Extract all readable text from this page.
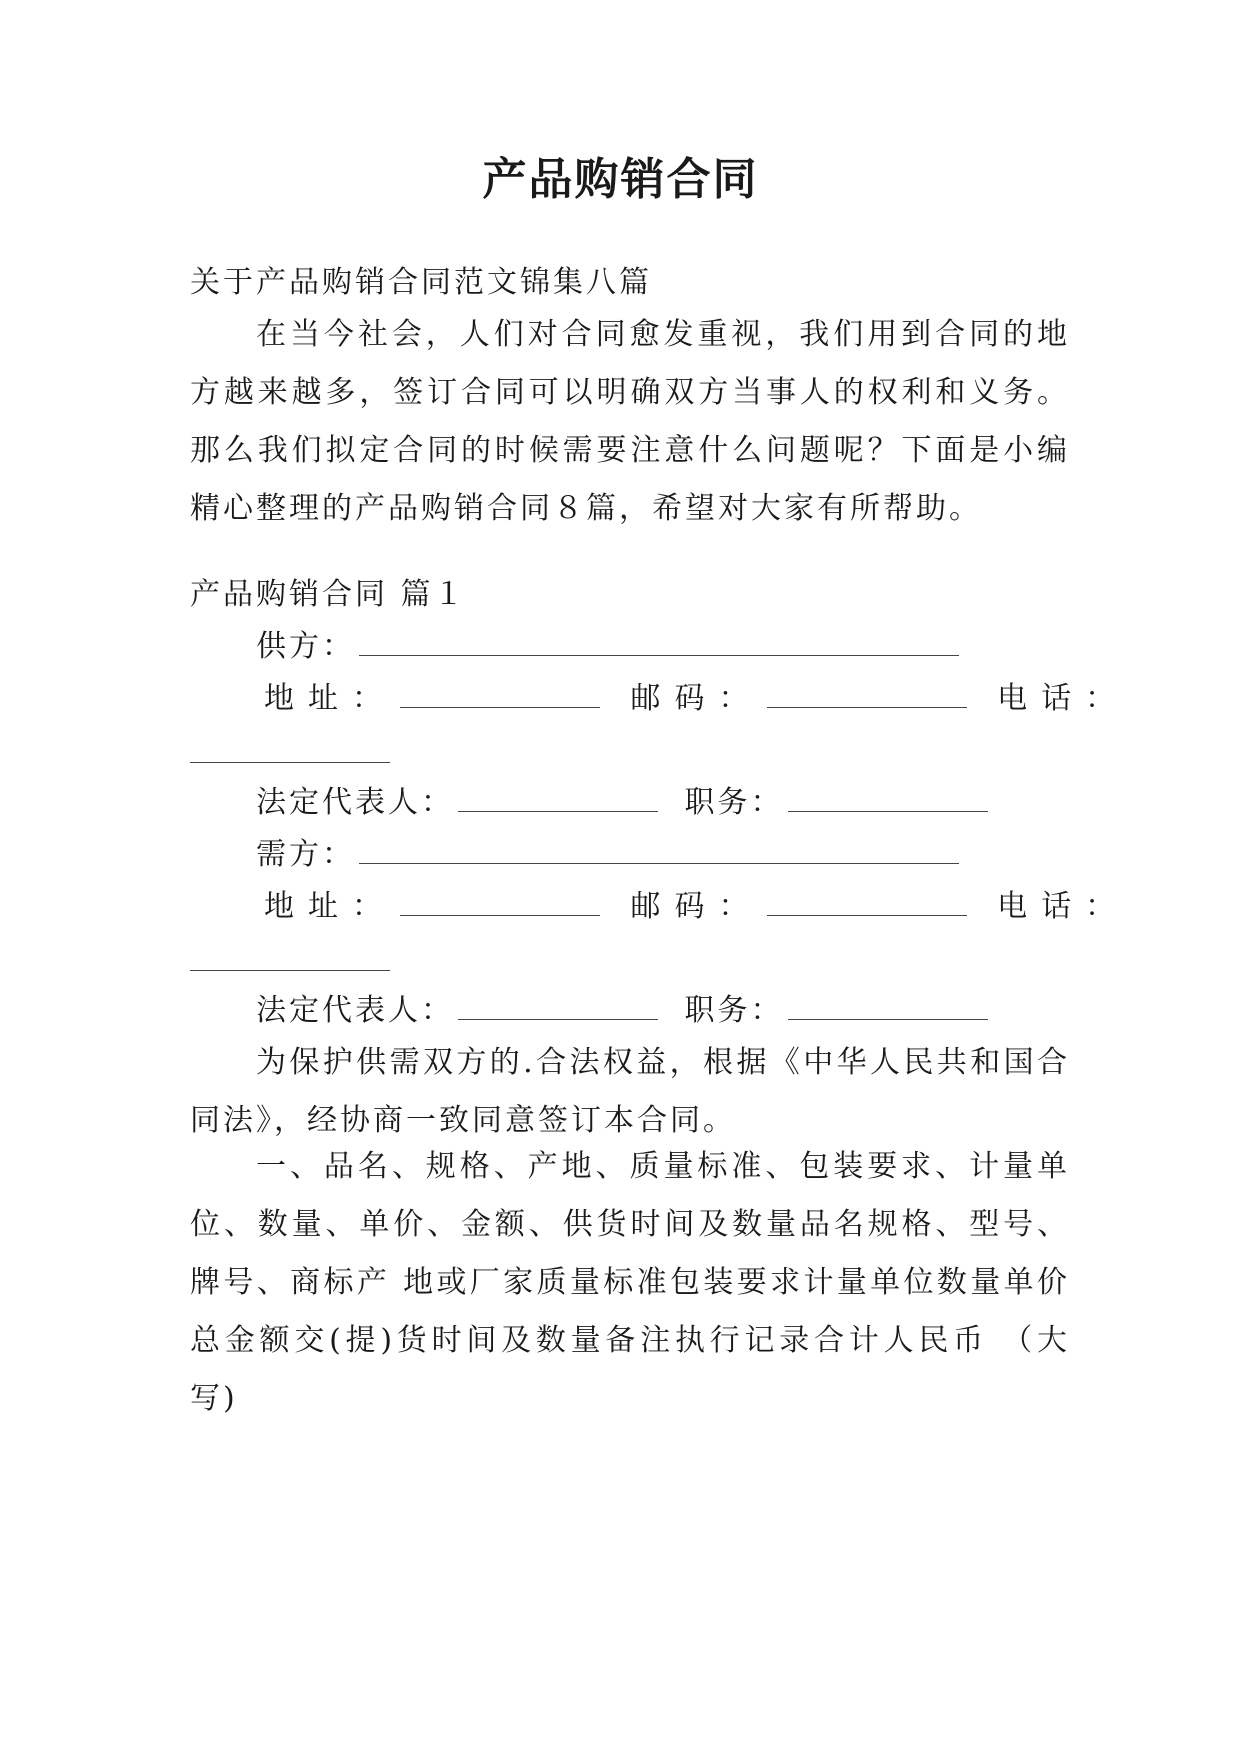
产品购销合同
关于产品购销合同范文锦集八篇
在当今社会，人们对合同愈发重视，我们用到合同的地方越来越多，签订合同可以明确双方当事人的权利和义务。那么我们拟定合同的时候需要注意什么问题呢？下面是小编精心整理的产品购销合同８篇，希望对大家有所帮助。
产品购销合同 篇１
供方：
地址：	邮码：	电话：
法定代表人：	职务：
需方：
地址：	邮码：	电话：
法定代表人：	职务：
为保护供需双方的.合法权益，根据《中华人民共和国合同法》，经协商一致同意签订本合同。
一、品名、规格、产地、质量标准、包装要求、计量单位、数量、单价、金额、供货时间及数量品名规格、型号、牌号、商标产 地或厂家质量标准包装要求计量单位数量单价总金额交(提)货时间及数量备注执行记录合计人民币 （大写)
